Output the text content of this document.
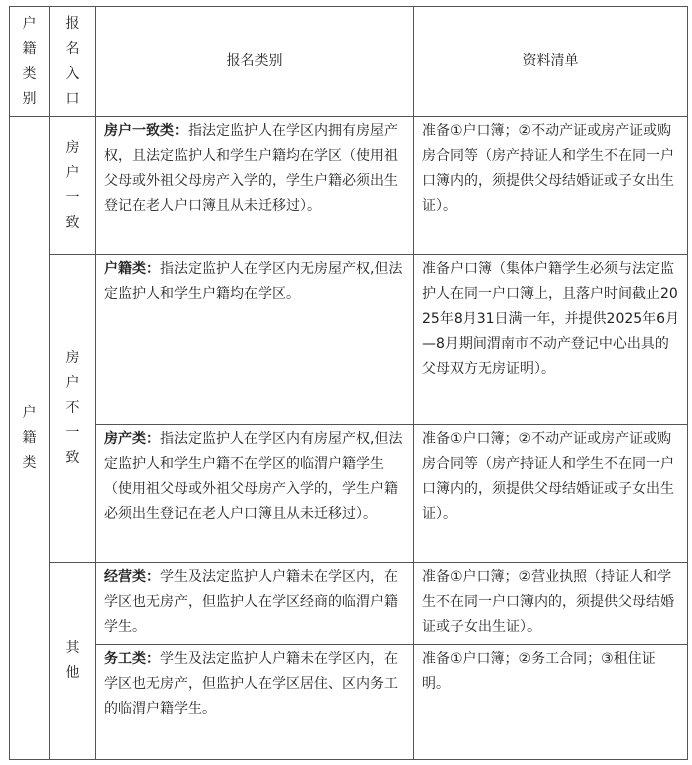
户籍类别	报名入口	报名类别	资料清单
户籍类	房户一致	房户一致类：指法定监护人在学区内拥有房屋产权，且法定监护人和学生户籍均在学区（使用祖父母或外祖父母房产入学的，学生户籍必须出生登记在老人户口簿且从未迁移过）。	准备①户口簿；②不动产证或房产证或购房合同等（房产持证人和学生不在同一户口簿内的，须提供父母结婚证或子女出生证）。
	房户不一致	户籍类：指法定监护人在学区内无房屋产权,但法定监护人和学生户籍均在学区。	准备户口簿（集体户籍学生必须与法定监护人在同一户口簿上，且落户时间截止2025年8月31日满一年，并提供2025年6月—8月期间渭南市不动产登记中心出具的父母双方无房证明）。
		房产类：指法定监护人在学区内有房屋产权,但法定监护人和学生户籍不在学区的临渭户籍学生（使用祖父母或外祖父母房产入学的，学生户籍必须出生登记在老人户口簿且从未迁移过）。	准备①户口簿；②不动产证或房产证或购房合同等（房产持证人和学生不在同一户口簿内的，须提供父母结婚证或子女出生证）。
	其他	经营类：学生及法定监护人户籍未在学区内，在学区也无房产，但监护人在学区经商的临渭户籍学生。	准备①户口簿；②营业执照（持证人和学生不在同一户口簿内的，须提供父母结婚证或子女出生证）。
		务工类：学生及法定监护人户籍未在学区内，在学区也无房产，但监护人在学区居住、区内务工的临渭户籍学生。	准备①户口簿；②务工合同；③租住证明。
